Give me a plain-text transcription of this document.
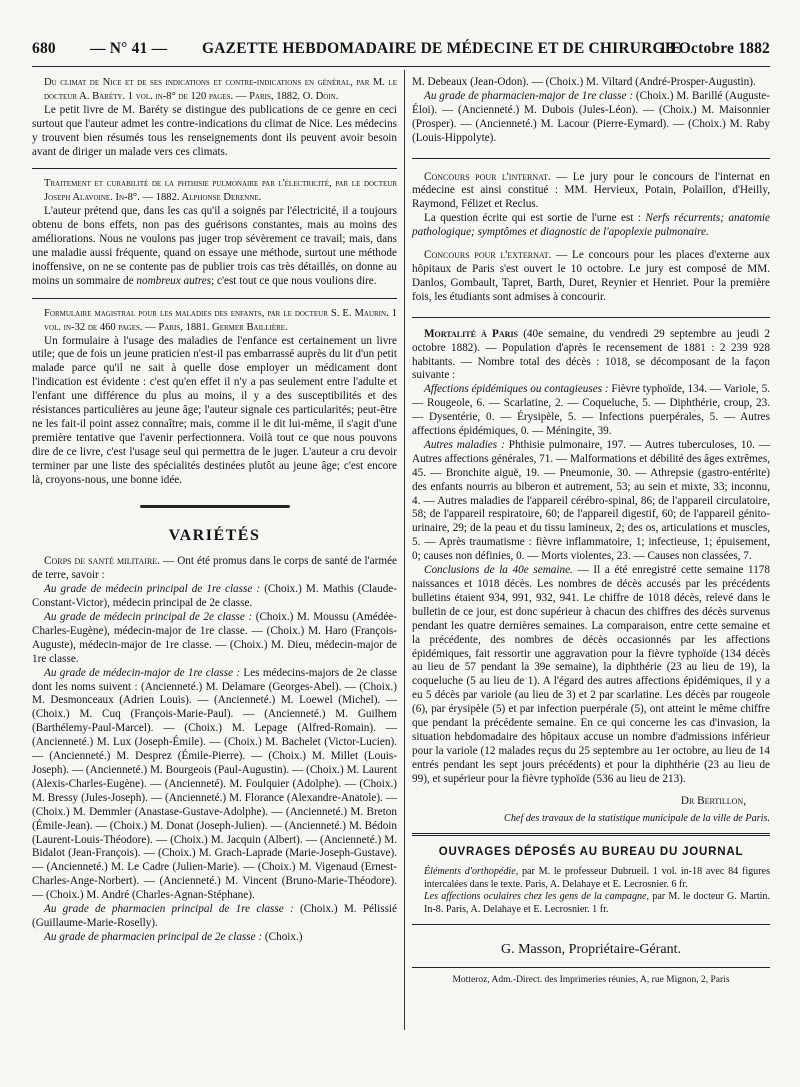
680 — N° 41 — GAZETTE HEBDOMADAIRE DE MÉDECINE ET DE CHIRURGIE
13 Octobre 1882

Du climat de Nice et de ses indications et contre-indications en général, par M. le docteur A. Baréty. 1 vol. in-8° de 120 pages. — Paris, 1882. O. Doin.

Le petit livre de M. Baréty se distingue des publications de ce genre en ceci surtout que l'auteur admet les contre-indications du climat de Nice. Les médecins y trouvent bien résumés tous les renseignements dont ils peuvent avoir besoin avant de diriger un malade vers ces climats.

Traitement et curabilité de la phthisie pulmonaire par l'électricité, par le docteur Joseph Alavoine. In-8°. — 1882. Alphonse Derenne.

L'auteur prétend que, dans les cas qu'il a soignés par l'électricité, il a toujours obtenu de bons effets, non pas des guérisons constantes, mais au moins des améliorations. Nous ne voulons pas juger trop sévèrement ce travail; mais, dans une maladie aussi fréquente, quand on essaye une méthode, surtout une méthode inoffensive, on ne se contente pas de publier trois cas très détaillés, on donne au moins un sommaire de nombreux autres; c'est tout ce que nous voulions dire.

Formulaire magistral pour les maladies des enfants, par le docteur S. E. Maurin. 1 vol. in-32 de 460 pages. — Paris, 1881. Germer Baillière.

Un formulaire à l'usage des maladies de l'enfance est certainement un livre utile; que de fois un jeune praticien n'est-il pas embarrassé auprès du lit d'un petit malade parce qu'il ne sait à quelle dose employer un médicament dont l'indication est évidente : c'est qu'en effet il n'y a pas seulement entre l'adulte et l'enfant une différence du plus au moins, il y a des susceptibilités et des résistances particulières au jeune âge; l'auteur signale ces particularités; peut-être ne les fait-il point assez connaître; mais, comme il le dit lui-même, il s'agit d'une première tentative que l'avenir perfectionnera. Voilà tout ce que nous pouvons dire de ce livre, c'est l'usage seul qui permettra de le juger. L'auteur a cru devoir terminer par une liste des spécialités destinées plutôt au jeune âge; c'est encore là, croyons-nous, une bonne idée.

VARIÉTÉS

Corps de santé militaire. — Ont été promus dans le corps de santé de l'armée de terre, savoir :

Au grade de médecin principal de 1re classe : (Choix.) M. Mathis (Claude-Constant-Victor), médecin principal de 2e classe.

Au grade de médecin principal de 2e classe : (Choix.) M. Moussu (Amédée-Charles-Eugène), médecin-major de 1re classe. — (Choix.) M. Haro (François-Auguste), médecin-major de 1re classe. — (Choix.) M. Dieu, médecin-major de 1re classe.

Au grade de médecin-major de 1re classe : Les médecins-majors de 2e classe dont les noms suivent : (Ancienneté.) M. Delamare (Georges-Abel). — (Choix.) M. Desmonceaux (Adrien Louis). — (Ancienneté.) M. Loewel (Michel). — (Choix.) M. Cuq (François-Marie-Paul). — (Ancienneté.) M. Guilhem (Barthélemy-Paul-Marcel). — (Choix.) M. Lepage (Alfred-Romain). — (Ancienneté.) M. Lux (Joseph-Émile). — (Choix.) M. Bachelet (Victor-Lucien). — (Ancienneté.) M. Desprez (Émile-Pierre). — (Choix.) M. Millet (Louis-Joseph). — (Ancienneté.) M. Bourgeois (Paul-Augustin). — (Choix.) M. Laurent (Alexis-Charles-Eugène). — (Ancienneté). M. Foulquier (Adolphe). — (Choix.) M. Bressy (Jules-Joseph). — (Ancienneté.) M. Florance (Alexandre-Anatole). — (Choix.) M. Demmler (Anastase-Gustave-Adolphe). — (Ancienneté.) M. Breton (Émile-Jean). — (Choix.) M. Donat (Joseph-Julien). — (Ancienneté.) M. Bédoin (Laurent-Louis-Théodore). — (Choix.) M. Jacquin (Albert). — (Ancienneté.) M. Bidalot (Jean-François). — (Choix.) M. Grach-Laprade (Marie-Joseph-Gustave). — (Ancienneté.) M. Le Cadre (Julien-Marie). — (Choix.) M. Vigenaud (Ernest-Charles-Ange-Norbert). — (Ancienneté.) M. Vincent (Bruno-Marie-Théodore). — (Choix.) M. André (Charles-Agnan-Stéphane).

Au grade de pharmacien principal de 1re classe : (Choix.) M. Pélissié (Guillaume-Marie-Roselly).

Au grade de pharmacien principal de 2e classe : (Choix.)

M. Debeaux (Jean-Odon). — (Choix.) M. Viltard (André-Prosper-Augustin).

Au grade de pharmacien-major de 1re classe : (Choix.) M. Barillé (Auguste-Éloi). — (Ancienneté.) M. Dubois (Jules-Léon). — (Choix.) M. Maisonnier (Prosper). — (Ancienneté.) M. Lacour (Pierre-Eymard). — (Choix.) M. Raby (Louis-Hippolyte).

Concours pour l'internat. — Le jury pour le concours de l'internat en médecine est ainsi constitué : MM. Hervieux, Potain, Polaillon, d'Heilly, Raymond, Félizet et Reclus.

La question écrite qui est sortie de l'urne est : Nerfs récurrents; anatomie pathologique; symptômes et diagnostic de l'apoplexie pulmonaire.

Concours pour l'externat. — Le concours pour les places d'externe aux hôpitaux de Paris s'est ouvert le 10 octobre. Le jury est composé de MM. Danlos, Gombault, Tapret, Barth, Duret, Reynier et Henriet. Pour la première fois, les étudiants sont admises à concourir.

Mortalité à Paris (40e semaine, du vendredi 29 septembre au jeudi 2 octobre 1882). — Population d'après le recensement de 1881 : 2 239 928 habitants. — Nombre total des décès : 1018, se décomposant de la façon suivante :

Affections épidémiques ou contagieuses : Fièvre typhoïde, 134. — Variole, 5. — Rougeole, 6. — Scarlatine, 2. — Coqueluche, 5. — Diphthérie, croup, 23. — Dysentérie, 0. — Érysipèle, 5. — Infections puerpérales, 5. — Autres affections épidémiques, 0. — Méningite, 39.

Autres maladies : Phthisie pulmonaire, 197. — Autres tuberculoses, 10. — Autres affections générales, 71. — Malformations et débilité des âges extrêmes, 45. — Bronchite aiguë, 19. — Pneumonie, 30. — Athrepsie (gastro-entérite) des enfants nourris au biberon et autrement, 53; au sein et mixte, 33; inconnu, 4. — Autres maladies de l'appareil cérébro-spinal, 86; de l'appareil circulatoire, 58; de l'appareil respiratoire, 60; de l'appareil digestif, 60; de l'appareil génito-urinaire, 29; de la peau et du tissu lamineux, 2; des os, articulations et muscles, 5. — Après traumatisme : fièvre inflammatoire, 1; infectieuse, 1; épuisement, 0; causes non définies, 0. — Morts violentes, 23. — Causes non classées, 7.

Conclusions de la 40e semaine. — Il a été enregistré cette semaine 1178 naissances et 1018 décès. Les nombres de décès accusés par les précédents bulletins étaient 934, 991, 932, 941. Le chiffre de 1018 décès, relevé dans le bulletin de ce jour, est donc supérieur à chacun des chiffres des décès survenus pendant les quatre dernières semaines. La comparaison, entre cette semaine et la précédente, des nombres de décès occasionnés par les affections épidémiques, fait ressortir une aggravation pour la fièvre typhoïde (134 décès au lieu de 57 pendant la 39e semaine), la diphthérie (23 au lieu de 19), la coqueluche (5 au lieu de 1). A l'égard des autres affections épidémiques, il y a eu 5 décès par variole (au lieu de 3) et 2 par scarlatine. Les décès par rougeole (6), par érysipèle (5) et par infection puerpérale (5), ont atteint le même chiffre que pendant la précédente semaine. En ce qui concerne les cas d'invasion, la situation hebdomadaire des hôpitaux accuse un nombre d'admissions inférieur pour la variole (12 malades reçus du 25 septembre au 1er octobre, au lieu de 14 entrés pendant les sept jours précédents) et pour la diphthérie (23 au lieu de 99), et supérieur pour la fièvre typhoïde (536 au lieu de 213).

Dr Bertillon,
Chef des travaux de la statistique municipale de la ville de Paris.
OUVRAGES DÉPOSÉS AU BUREAU DU JOURNAL

Éléments d'orthopédie, par M. le professeur Dubrueil. 1 vol. in-18 avec 84 figures intercalées dans le texte. Paris, A. Delahaye et E. Lecrosnier. 6 fr.

Les affections oculaires chez les gens de la campagne, par M. le docteur G. Martin. In-8. Paris, A. Delahaye et E. Lecrosnier. 1 fr.

G. Masson, Propriétaire-Gérant.
Motteroz, Adm.-Direct. des Imprimeries réunies, A, rue Mignon, 2, Paris
